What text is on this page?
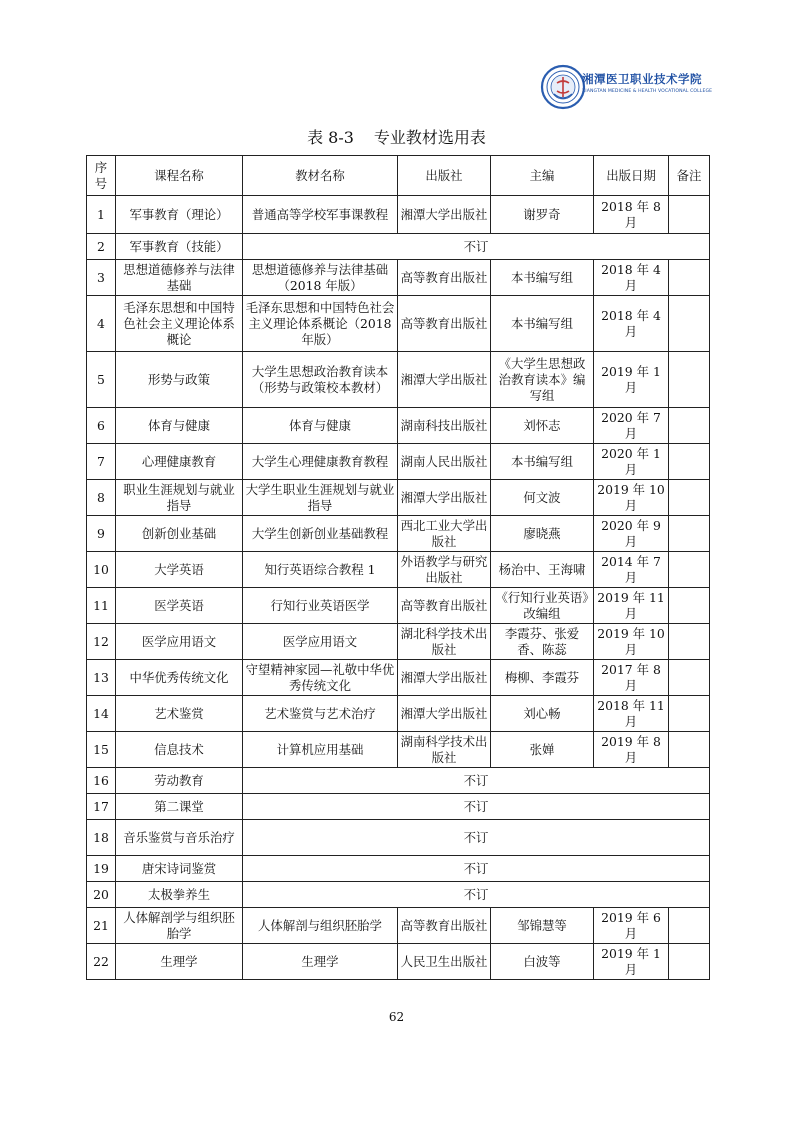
湘潭医卫职业技术学院
XIANGTAN MEDICINE & HEALTH VOCATIONAL COLLEGE
表 8-3 专业教材选用表
序号	课程名称	教材名称	出版社	主编	出版日期	备注
1	军事教育（理论）	普通高等学校军事课教程	湘潭大学出版社	谢罗奇	2018 年 8 月	
2	军事教育（技能）	不订				
3	思想道德修养与法律基础	思想道德修养与法律基础（2018 年版）	高等教育出版社	本书编写组	2018 年 4 月	
4	毛泽东思想和中国特色社会主义理论体系概论	毛泽东思想和中国特色社会主义理论体系概论（2018 年版）	高等教育出版社	本书编写组	2018 年 4 月	
5	形势与政策	大学生思想政治教育读本（形势与政策校本教材）	湘潭大学出版社	《大学生思想政治教育读本》编写组	2019 年 1 月	
6	体育与健康	体育与健康	湖南科技出版社	刘怀志	2020 年 7 月	
7	心理健康教育	大学生心理健康教育教程	湖南人民出版社	本书编写组	2020 年 1 月	
8	职业生涯规划与就业指导	大学生职业生涯规划与就业指导	湘潭大学出版社	何文波	2019 年 10 月	
9	创新创业基础	大学生创新创业基础教程	西北工业大学出版社	廖晓燕	2020 年 9 月	
10	大学英语	知行英语综合教程 1	外语教学与研究出版社	杨治中、王海啸	2014 年 7 月	
11	医学英语	行知行业英语医学	高等教育出版社	《行知行业英语》改编组	2019 年 11 月	
12	医学应用语文	医学应用语文	湖北科学技术出版社	李霞芬、张爱香、陈蕊	2019 年 10 月	
13	中华优秀传统文化	守望精神家园—礼敬中华优秀传统文化	湘潭大学出版社	梅柳、李霞芬	2017 年 8 月	
14	艺术鉴赏	艺术鉴赏与艺术治疗	湘潭大学出版社	刘心畅	2018 年 11 月	
15	信息技术	计算机应用基础	湖南科学技术出版社	张婵	2019 年 8 月	
16	劳动教育	不订				
17	第二课堂	不订				
18	音乐鉴赏与音乐治疗	不订				
19	唐宋诗词鉴赏	不订				
20	太极拳养生	不订				
21	人体解剖学与组织胚胎学	人体解剖与组织胚胎学	高等教育出版社	邹锦慧等	2019 年 6 月	
22	生理学	生理学	人民卫生出版社	白波等	2019 年 1 月	
62
